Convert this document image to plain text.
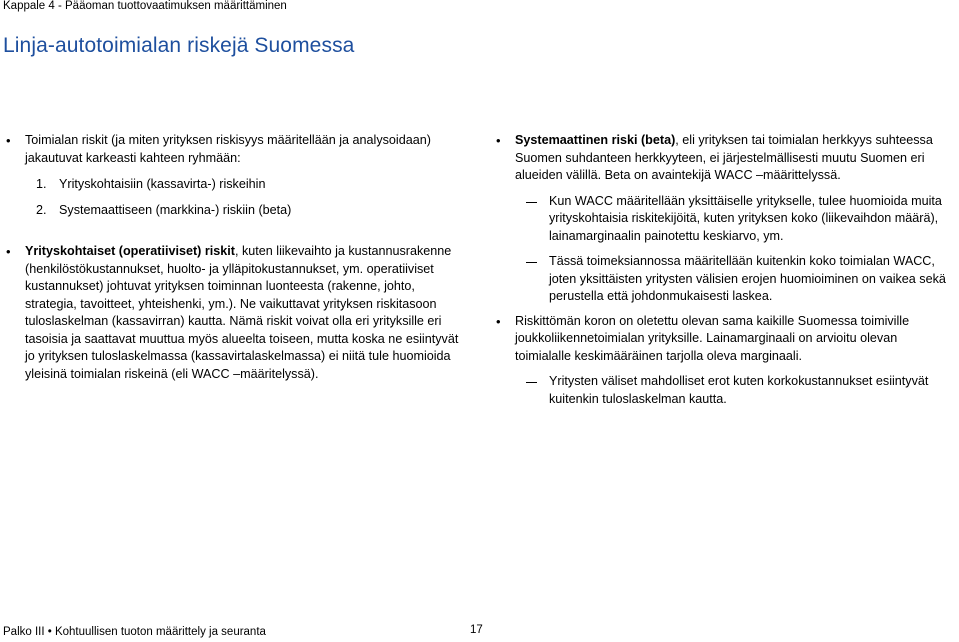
Kappale 4 - Pääoman tuottovaatimuksen määrittäminen
Linja-autotoimialan riskejä Suomessa
• Toimialan riskit (ja miten yrityksen riskisyys määritellään ja analysoidaan) jakautuvat karkeasti kahteen ryhmään:
1. Yrityskohtaisiin (kassavirta-) riskeihin
2. Systemaattiseen (markkina-) riskiin (beta)
• Yrityskohtaiset (operatiiviset) riskit, kuten liikevaihto ja kustannusrakenne (henkilöstökustannukset, huolto- ja ylläpitokustannukset, ym. operatiiviset kustannukset) johtuvat yrityksen toiminnan luonteesta (rakenne, johto, strategia, tavoitteet, yhteishenki, ym.). Ne vaikuttavat yrityksen riskitasoon tuloslaskelman (kassavirran) kautta. Nämä riskit voivat olla eri yrityksille eri tasoisia ja saattavat muuttua myös alueelta toiseen, mutta koska ne esiintyvät jo yrityksen tuloslaskelmassa (kassavirtalaskelmassa) ei niitä tule huomioida yleisinä toimialan riskeinä (eli WACC –määritelyssä).
• Systemaattinen riski (beta), eli yrityksen tai toimialan herkkyys suhteessa Suomen suhdanteen herkkyyteen, ei järjestelmällisesti muutu Suomen eri alueiden välillä. Beta on avaintekijä WACC –määrittelyssä.
Kun WACC määritellään yksittäiselle yritykselle, tulee huomioida muita yrityskohtaisia riskitekijöitä, kuten yrityksen koko (liikevaihdon määrä), lainamarginaalin painotettu keskiarvo, ym.
Tässä toimeksiannossa määritellään kuitenkin koko toimialan WACC, joten yksittäisten yritysten välisien erojen huomioiminen on vaikea sekä perustella että johdonmukaisesti laskea.
• Riskittömän koron on oletettu olevan sama kaikille Suomessa toimiville joukkoliikennetoimialan yrityksille. Lainamarginaali on arvioitu olevan toimialalle keskimääräinen tarjolla oleva marginaali.
Yritysten väliset mahdolliset erot kuten korkokustannukset esiintyvät kuitenkin tuloslaskelman kautta.
Palko III • Kohtuullisen tuoton määrittely ja seuranta	17
